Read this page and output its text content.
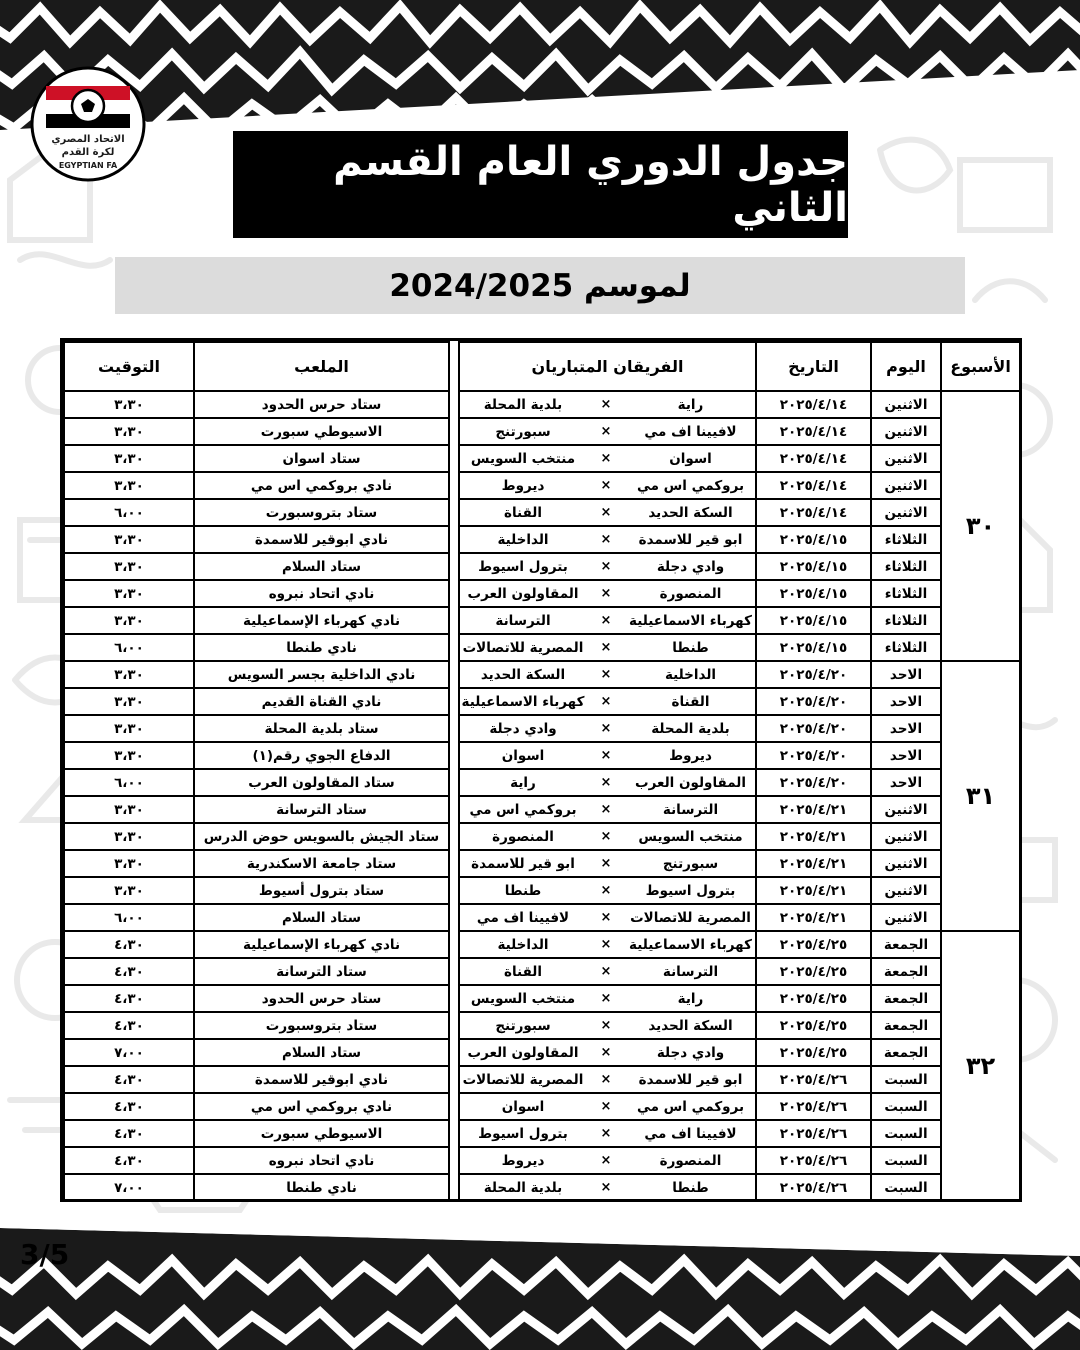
الاتحاد المصري
لكرة القدم
EGYPTIAN FA	جدول الدوري العام القسم الثاني
لموسم 2024/2025
الأسبوع	اليوم	التاريخ	الفريقان المتباريان				الملعب	التوقيت
٣٠	الاثنين	٢٠٢٥/٤/١٤	راية	×	بلدية المحلة		ستاد حرس الحدود	٣،٣٠
	الاثنين	٢٠٢٥/٤/١٤	لافيينا اف مي	×	سبورتنج		الاسيوطي سبورت	٣،٣٠
	الاثنين	٢٠٢٥/٤/١٤	اسوان	×	منتخب السويس		ستاد اسوان	٣،٣٠
	الاثنين	٢٠٢٥/٤/١٤	بروكمي اس مي	×	ديروط		نادي بروكمي اس مي	٣،٣٠
	الاثنين	٢٠٢٥/٤/١٤	السكة الحديد	×	القناة		ستاد بتروسبورت	٦،٠٠
	الثلاثاء	٢٠٢٥/٤/١٥	ابو قير للاسمدة	×	الداخلية		نادي ابوقير للاسمدة	٣،٣٠
	الثلاثاء	٢٠٢٥/٤/١٥	وادي دجلة	×	بترول اسيوط		ستاد السلام	٣،٣٠
	الثلاثاء	٢٠٢٥/٤/١٥	المنصورة	×	المقاولون العرب		نادي اتحاد نبروه	٣،٣٠
	الثلاثاء	٢٠٢٥/٤/١٥	كهرباء الاسماعيلية	×	الترسانة		نادي كهرباء الإسماعيلية	٣،٣٠
	الثلاثاء	٢٠٢٥/٤/١٥	طنطا	×	المصرية للاتصالات		نادي طنطا	٦،٠٠
٣١	الاحد	٢٠٢٥/٤/٢٠	الداخلية	×	السكة الحديد		نادي الداخلية بجسر السويس	٣،٣٠
	الاحد	٢٠٢٥/٤/٢٠	القناة	×	كهرباء الاسماعيلية		نادي القناة القديم	٣،٣٠
	الاحد	٢٠٢٥/٤/٢٠	بلدية المحلة	×	وادي دجلة		ستاد بلدية المحلة	٣،٣٠
	الاحد	٢٠٢٥/٤/٢٠	ديروط	×	اسوان		الدفاع الجوي رقم(١)	٣،٣٠
	الاحد	٢٠٢٥/٤/٢٠	المقاولون العرب	×	راية		ستاد المقاولون العرب	٦،٠٠
	الاثنين	٢٠٢٥/٤/٢١	الترسانة	×	بروكمي اس مي		ستاد الترسانة	٣،٣٠
	الاثنين	٢٠٢٥/٤/٢١	منتخب السويس	×	المنصورة		ستاد الجيش بالسويس حوض الدرس	٣،٣٠
	الاثنين	٢٠٢٥/٤/٢١	سبورتنج	×	ابو قير للاسمدة		ستاد جامعة الاسكندرية	٣،٣٠
	الاثنين	٢٠٢٥/٤/٢١	بترول اسيوط	×	طنطا		ستاد بترول أسيوط	٣،٣٠
	الاثنين	٢٠٢٥/٤/٢١	المصرية للاتصالات	×	لافيينا اف مي		ستاد السلام	٦،٠٠
٣٢	الجمعة	٢٠٢٥/٤/٢٥	كهرباء الاسماعيلية	×	الداخلية		نادي كهرباء الإسماعيلية	٤،٣٠
	الجمعة	٢٠٢٥/٤/٢٥	الترسانة	×	القناة		ستاد الترسانة	٤،٣٠
	الجمعة	٢٠٢٥/٤/٢٥	راية	×	منتخب السويس		ستاد حرس الحدود	٤،٣٠
	الجمعة	٢٠٢٥/٤/٢٥	السكة الحديد	×	سبورتنج		ستاد بتروسبورت	٤،٣٠
	الجمعة	٢٠٢٥/٤/٢٥	وادي دجلة	×	المقاولون العرب		ستاد السلام	٧،٠٠
	السبت	٢٠٢٥/٤/٢٦	ابو قير للاسمدة	×	المصرية للاتصالات		نادي ابوقير للاسمدة	٤،٣٠
	السبت	٢٠٢٥/٤/٢٦	بروكمي اس مي	×	اسوان		نادي بروكمي اس مي	٤،٣٠
	السبت	٢٠٢٥/٤/٢٦	لافيينا اف مي	×	بترول اسيوط		الاسيوطي سبورت	٤،٣٠
	السبت	٢٠٢٥/٤/٢٦	المنصورة	×	ديروط		نادي اتحاد نبروه	٤،٣٠
	السبت	٢٠٢٥/٤/٢٦	طنطا	×	بلدية المحلة		نادي طنطا	٧،٠٠
3/5
